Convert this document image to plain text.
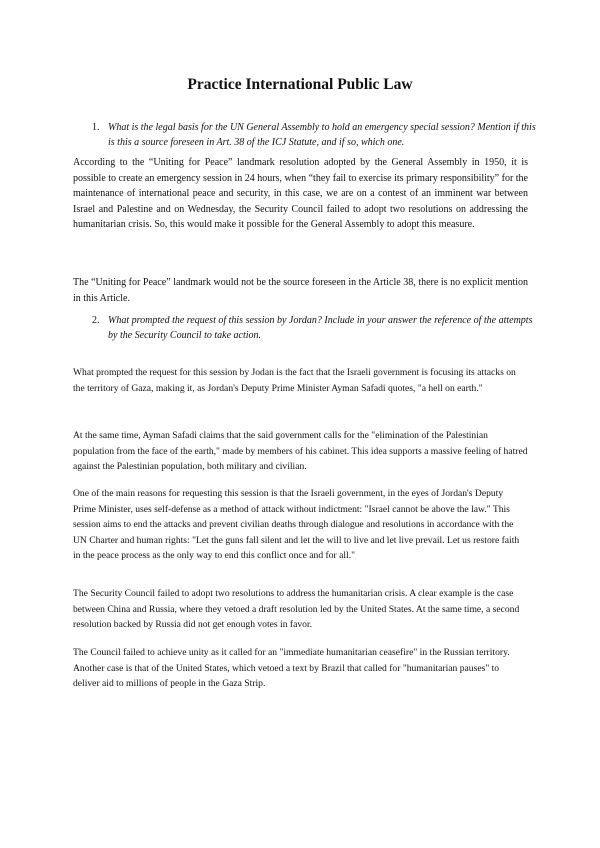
Practice International Public Law
1. What is the legal basis for the UN General Assembly to hold an emergency special session? Mention if this is this a source foreseen in Art. 38 of the ICJ Statute, and if so, which one.

According to the “Uniting for Peace” landmark resolution adopted by the General Assembly in 1950, it is possible to create an emergency session in 24 hours, when “they fail to exercise its primary responsibility” for the maintenance of international peace and security, in this case, we are on a contest of an imminent war between Israel and Palestine and on Wednesday, the Security Council failed to adopt two resolutions on addressing the humanitarian crisis. So, this would make it possible for the General Assembly to adopt this measure.

The “Uniting for Peace” landmark would not be the source foreseen in the Article 38, there is no explicit mention in this Article.

2. What prompted the request of this session by Jordan? Include in your answer the reference of the attempts by the Security Council to take action.

What prompted the request for this session by Jodan is the fact that the Israeli government is focusing its attacks on the territory of Gaza, making it, as Jordan's Deputy Prime Minister Ayman Safadi quotes, "a hell on earth."

At the same time, Ayman Safadi claims that the said government calls for the "elimination of the Palestinian population from the face of the earth," made by members of his cabinet. This idea supports a massive feeling of hatred against the Palestinian population, both military and civilian.

One of the main reasons for requesting this session is that the Israeli government, in the eyes of Jordan's Deputy Prime Minister, uses self-defense as a method of attack without indictment: "Israel cannot be above the law." This session aims to end the attacks and prevent civilian deaths through dialogue and resolutions in accordance with the UN Charter and human rights: "Let the guns fall silent and let the will to live and let live prevail. Let us restore faith in the peace process as the only way to end this conflict once and for all."

The Security Council failed to adopt two resolutions to address the humanitarian crisis. A clear example is the case between China and Russia, where they vetoed a draft resolution led by the United States. At the same time, a second resolution backed by Russia did not get enough votes in favor.

The Council failed to achieve unity as it called for an "immediate humanitarian ceasefire" in the Russian territory. Another case is that of the United States, which vetoed a text by Brazil that called for "humanitarian pauses" to deliver aid to millions of people in the Gaza Strip.
